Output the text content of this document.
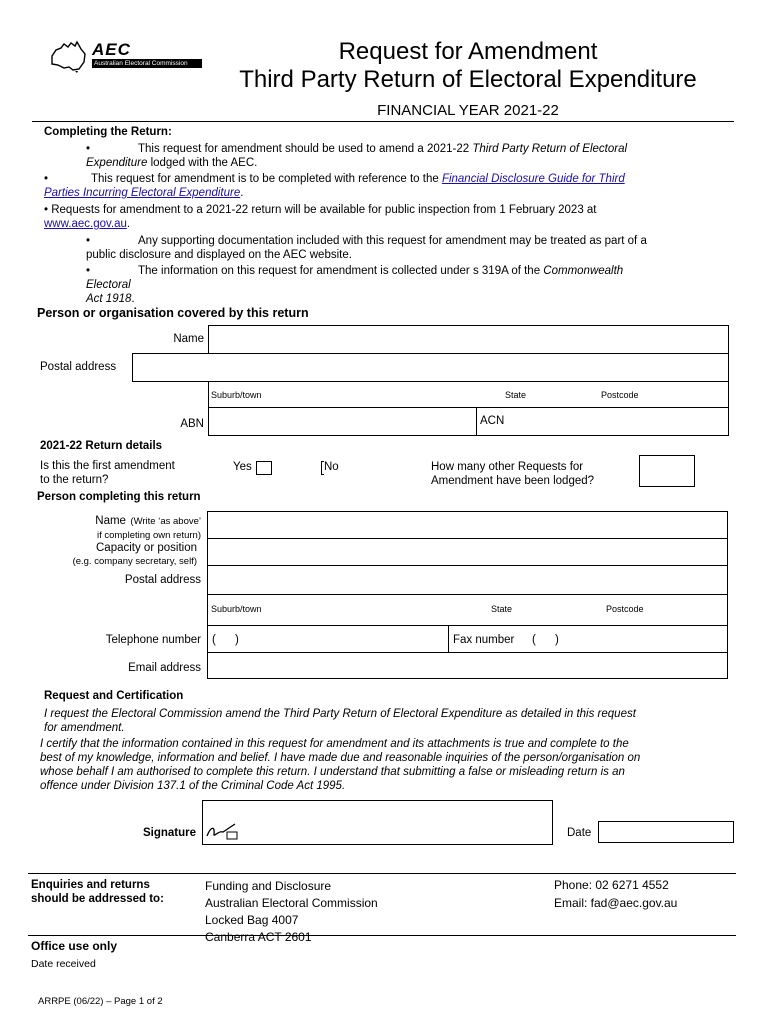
AEC
Australian Electoral Commission	Request for Amendment
Third Party Return of Electoral Expenditure
FINANCIAL YEAR 2021-22
Completing the Return:
•	This request for amendment should be used to amend a 2021-22 Third Party Return of Electoral
Expenditure lodged with the AEC.
•	This request for amendment is to be completed with reference to the Financial Disclosure Guide for Third
Parties Incurring Electoral Expenditure.
• Requests for amendment to a 2021-22 return will be available for public inspection from 1 February 2023 at
www.aec.gov.au.
•	Any supporting documentation included with this request for amendment may be treated as part of a
public disclosure and displayed on the AEC website.
•	The information on this request for amendment is collected under s 319A of the Commonwealth
Electoral
Act 1918.
Person or organisation covered by this return
Name
Postal address
Suburb/town	State	Postcode
ABN	ACN
2021-22 Return details
Is this the first amendment
to the return?
Yes	No	How many other Requests for
Amendment have been lodged?
Person completing this return
Name (Write ‘as above’
if completing own return)
Capacity or position
(e.g. company secretary, self)
Postal address
Suburb/town	State	Postcode
Telephone number (      )	Fax number (      )
Email address
Request and Certification
I request the Electoral Commission amend the Third Party Return of Electoral Expenditure as detailed in this request
for amendment.
I certify that the information contained in this request for amendment and its attachments is true and complete to the
best of my knowledge, information and belief. I have made due and reasonable inquiries of the person/organisation on
whose behalf I am authorised to complete this return. I understand that submitting a false or misleading return is an
offence under Division 137.1 of the Criminal Code Act 1995.
Signature	Date
Enquiries and returns
should be addressed to:
Funding and Disclosure
Australian Electoral Commission
Locked Bag 4007
Canberra ACT 2601
Phone: 02 6271 4552
Email: fad@aec.gov.au
Office use only
Date received
ARRPE (06/22) – Page 1 of 2
